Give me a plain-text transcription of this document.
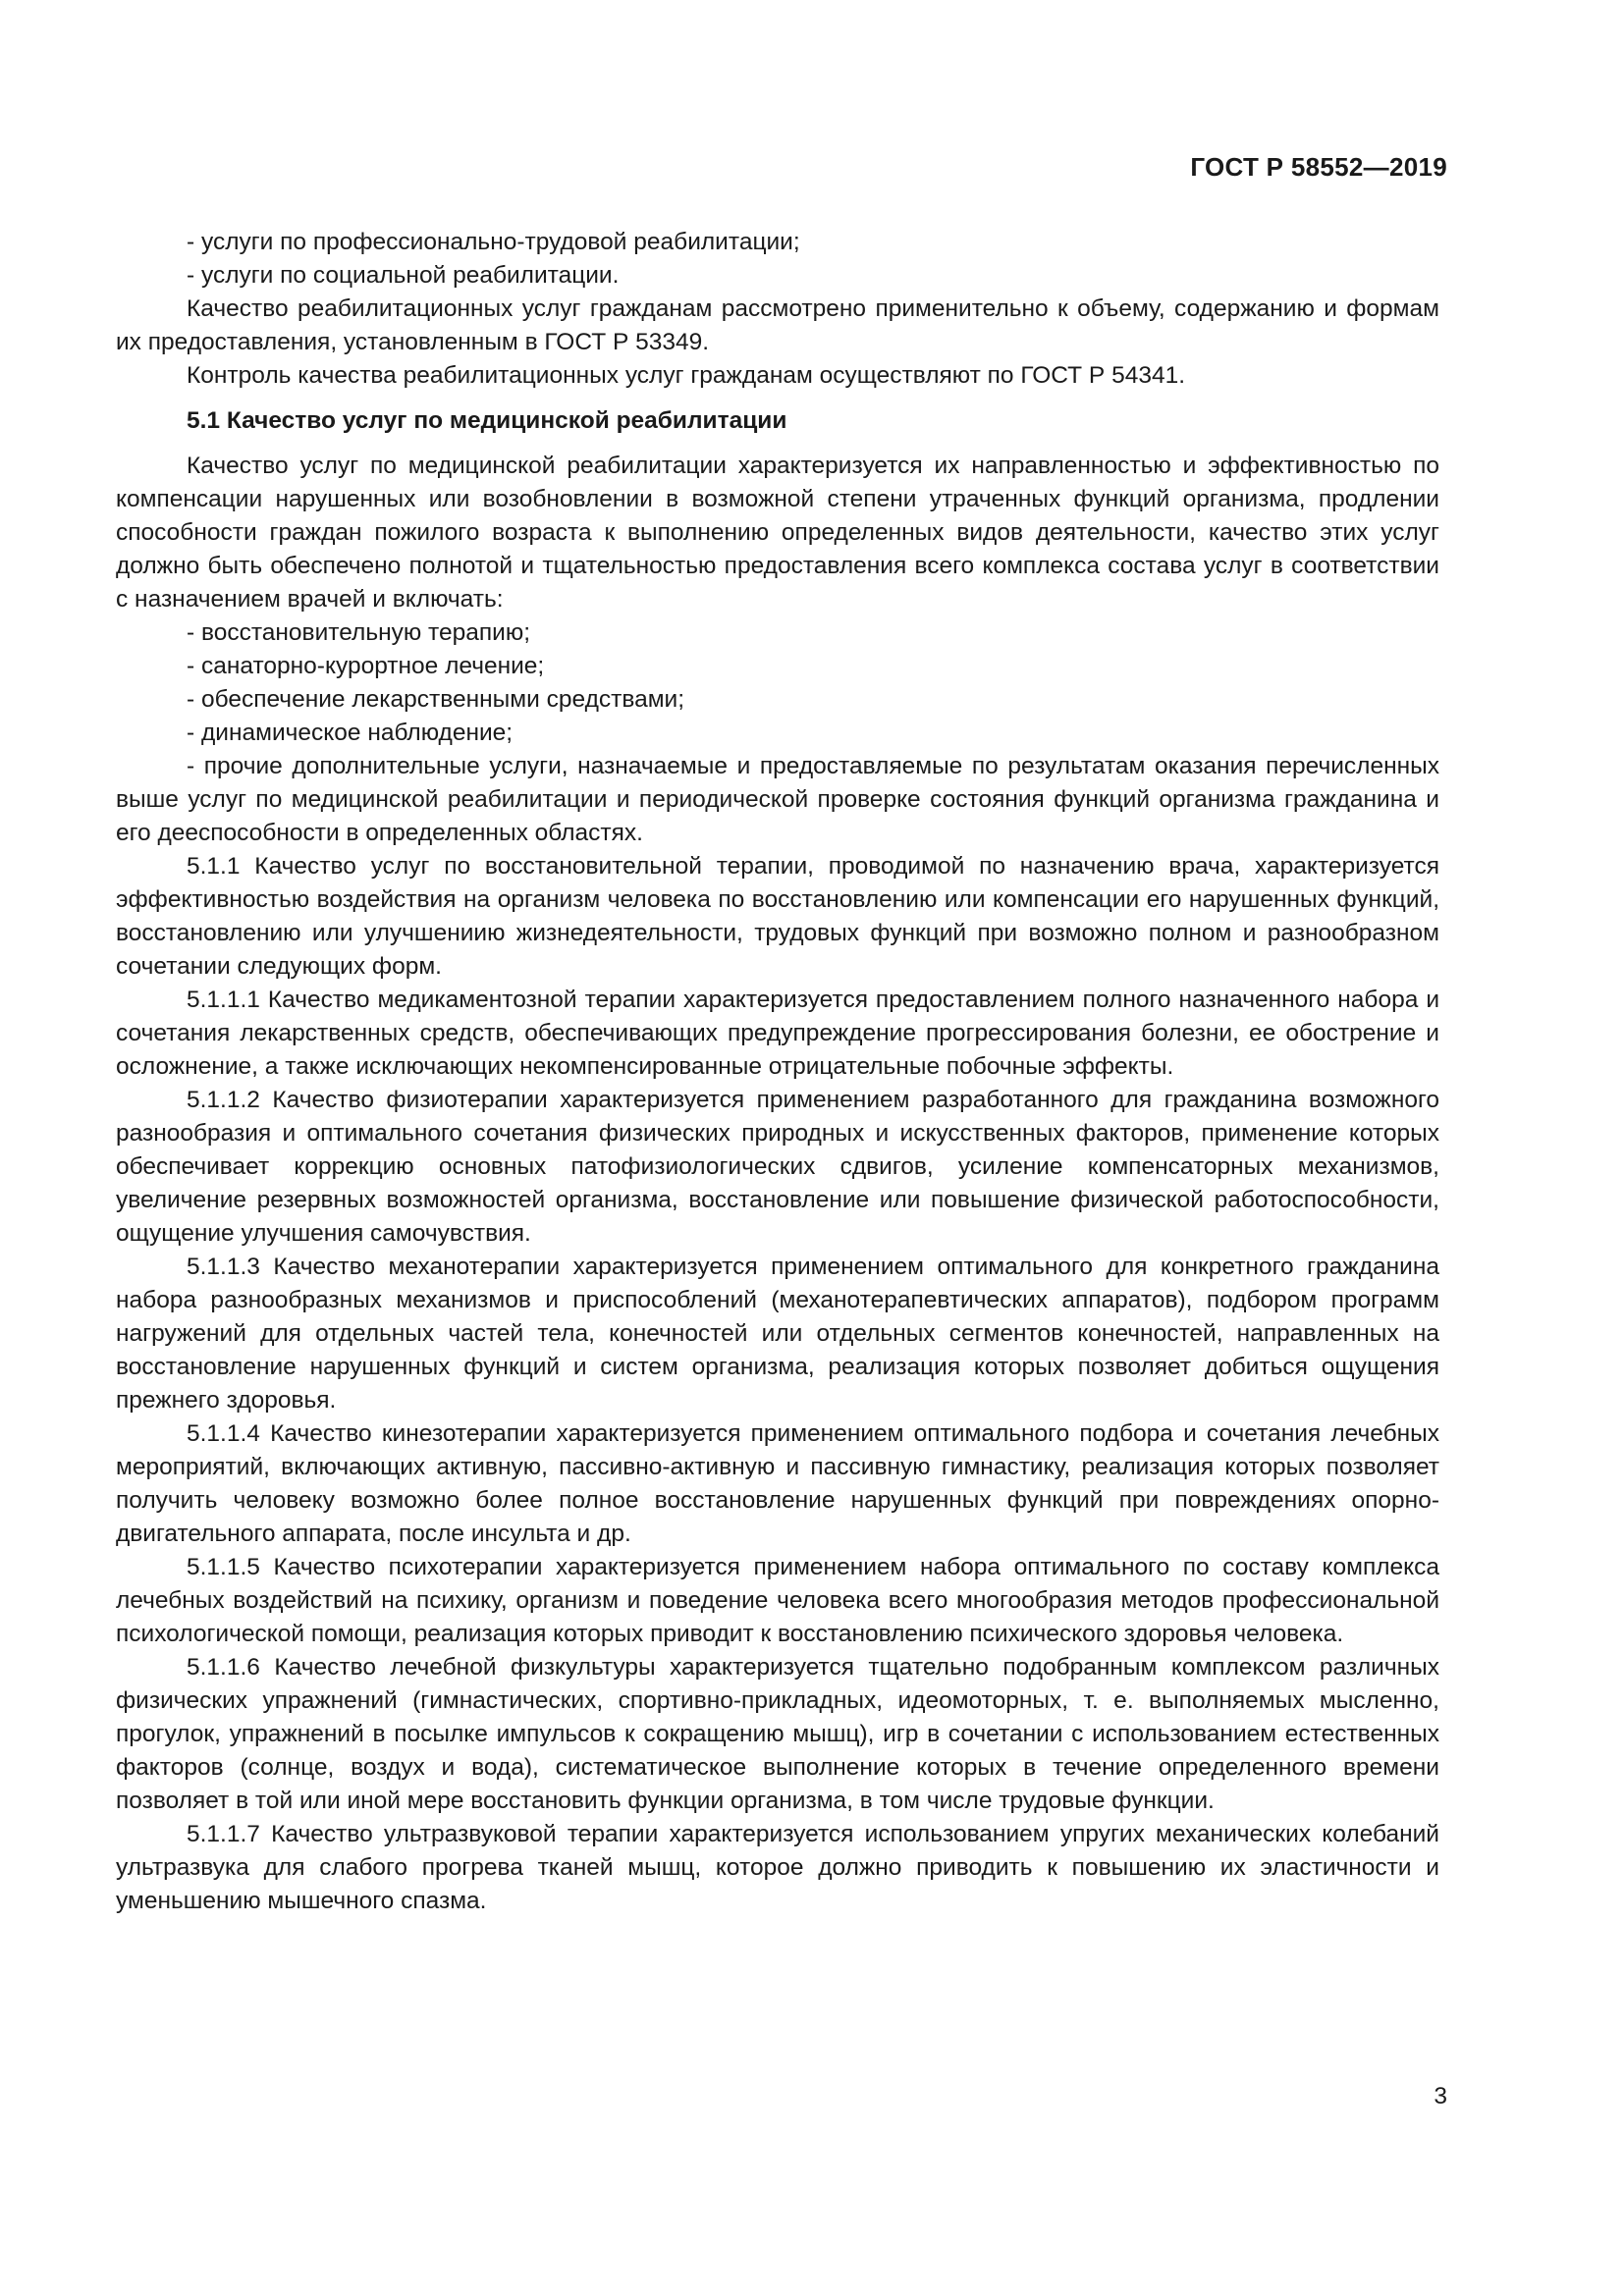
ГОСТ Р 58552—2019
- услуги по профессионально-трудовой реабилитации;
- услуги по социальной реабилитации.
Качество реабилитационных услуг гражданам рассмотрено применительно к объему, содержанию и формам их предоставления, установленным в ГОСТ Р 53349.
Контроль качества реабилитационных услуг гражданам осуществляют по ГОСТ Р 54341.
5.1 Качество услуг по медицинской реабилитации
Качество услуг по медицинской реабилитации характеризуется их направленностью и эффективностью по компенсации нарушенных или возобновлении в возможной степени утраченных функций организма, продлении способности граждан пожилого возраста к выполнению определенных видов деятельности, качество этих услуг должно быть обеспечено полнотой и тщательностью предоставления всего комплекса состава услуг в соответствии с назначением врачей и включать:
- восстановительную терапию;
- санаторно-курортное лечение;
- обеспечение лекарственными средствами;
- динамическое наблюдение;
- прочие дополнительные услуги, назначаемые и предоставляемые по результатам оказания перечисленных выше услуг по медицинской реабилитации и периодической проверке состояния функций организма гражданина и его дееспособности в определенных областях.
5.1.1 Качество услуг по восстановительной терапии, проводимой по назначению врача, характеризуется эффективностью воздействия на организм человека по восстановлению или компенсации его нарушенных функций, восстановлению или улучшениию жизнедеятельности, трудовых функций при возможно полном и разнообразном сочетании следующих форм.
5.1.1.1 Качество медикаментозной терапии характеризуется предоставлением полного назначенного набора и сочетания лекарственных средств, обеспечивающих предупреждение прогрессирования болезни, ее обострение и осложнение, а также исключающих некомпенсированные отрицательные побочные эффекты.
5.1.1.2 Качество физиотерапии характеризуется применением разработанного для гражданина возможного разнообразия и оптимального сочетания физических природных и искусственных факторов, применение которых обеспечивает коррекцию основных патофизиологических сдвигов, усиление компенсаторных механизмов, увеличение резервных возможностей организма, восстановление или повышение физической работоспособности, ощущение улучшения самочувствия.
5.1.1.3 Качество механотерапии характеризуется применением оптимального для конкретного гражданина набора разнообразных механизмов и приспособлений (механотерапевтических аппаратов), подбором программ нагружений для отдельных частей тела, конечностей или отдельных сегментов конечностей, направленных на восстановление нарушенных функций и систем организма, реализация которых позволяет добиться ощущения прежнего здоровья.
5.1.1.4 Качество кинезотерапии характеризуется применением оптимального подбора и сочетания лечебных мероприятий, включающих активную, пассивно-активную и пассивную гимнастику, реализация которых позволяет получить человеку возможно более полное восстановление нарушенных функций при повреждениях опорно-двигательного аппарата, после инсульта и др.
5.1.1.5 Качество психотерапии характеризуется применением набора оптимального по составу комплекса лечебных воздействий на психику, организм и поведение человека всего многообразия методов профессиональной психологической помощи, реализация которых приводит к восстановлению психического здоровья человека.
5.1.1.6 Качество лечебной физкультуры характеризуется тщательно подобранным комплексом различных физических упражнений (гимнастических, спортивно-прикладных, идеомоторных, т. е. выполняемых мысленно, прогулок, упражнений в посылке импульсов к сокращению мышц), игр в сочетании с использованием естественных факторов (солнце, воздух и вода), систематическое выполнение которых в течение определенного времени позволяет в той или иной мере восстановить функции организма, в том числе трудовые функции.
5.1.1.7 Качество ультразвуковой терапии характеризуется использованием упругих механических колебаний ультразвука для слабого прогрева тканей мышц, которое должно приводить к повышению их эластичности и уменьшению мышечного спазма.
3
